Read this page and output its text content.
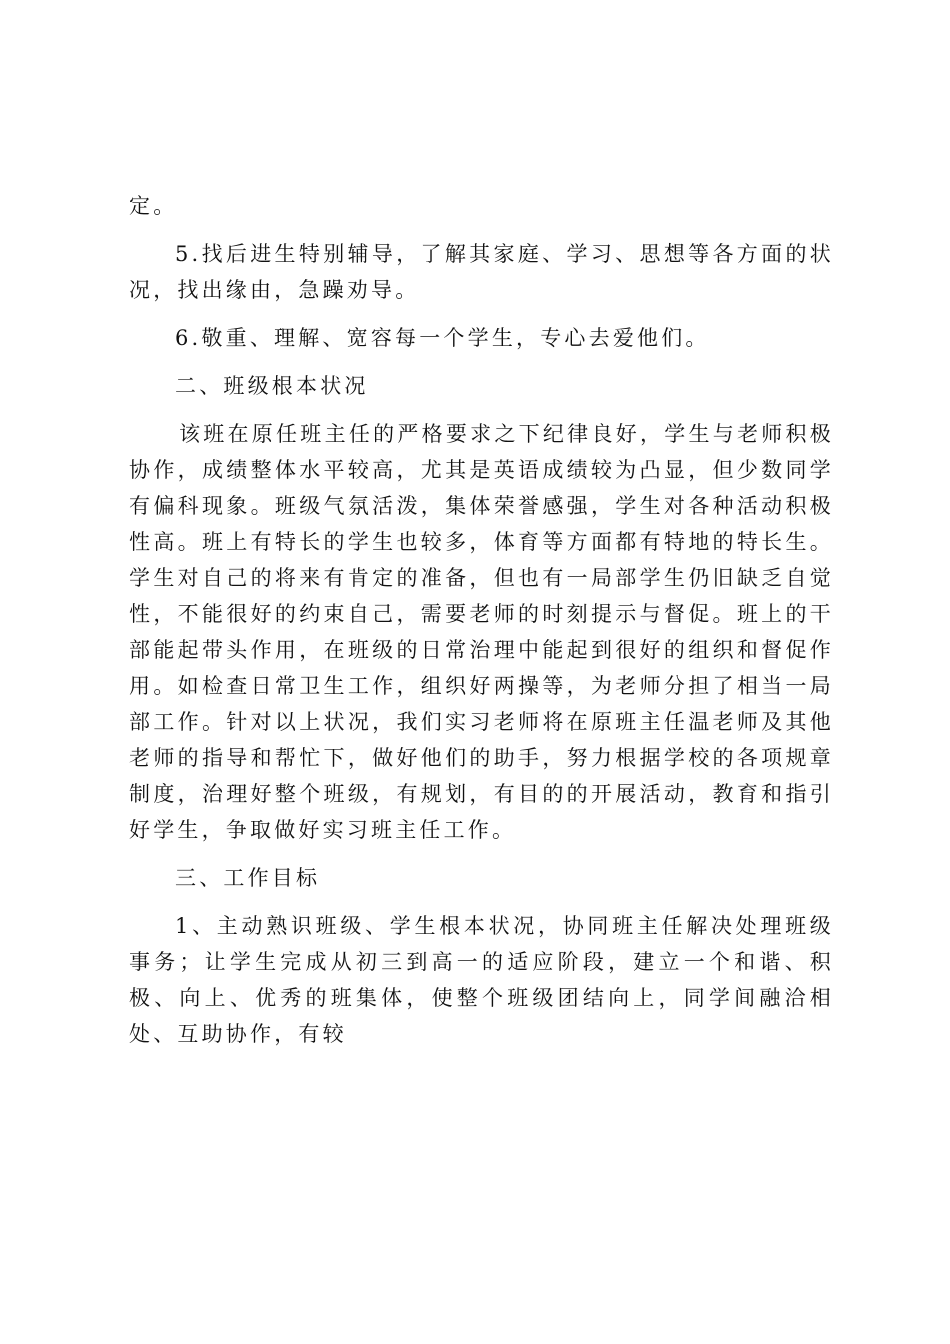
定。

5.找后进生特别辅导，了解其家庭、学习、思想等各方面的状况，找出缘由，急躁劝导。

6.敬重、理解、宽容每一个学生，专心去爱他们。

二、班级根本状况

该班在原任班主任的严格要求之下纪律良好，学生与老师积极协作，成绩整体水平较高，尤其是英语成绩较为凸显，但少数同学有偏科现象。班级气氛活泼，集体荣誉感强，学生对各种活动积极性高。班上有特长的学生也较多，体育等方面都有特地的特长生。学生对自己的将来有肯定的准备，但也有一局部学生仍旧缺乏自觉性，不能很好的约束自己，需要老师的时刻提示与督促。班上的干部能起带头作用，在班级的日常治理中能起到很好的组织和督促作用。如检查日常卫生工作，组织好两操等，为老师分担了相当一局部工作。针对以上状况，我们实习老师将在原班主任温老师及其他老师的指导和帮忙下，做好他们的助手，努力根据学校的各项规章制度，治理好整个班级，有规划，有目的的开展活动，教育和指引好学生，争取做好实习班主任工作。

三、工作目标

1、主动熟识班级、学生根本状况，协同班主任解决处理班级事务；让学生完成从初三到高一的适应阶段，建立一个和谐、积极、向上、优秀的班集体，使整个班级团结向上，同学间融洽相处、互助协作，有较
